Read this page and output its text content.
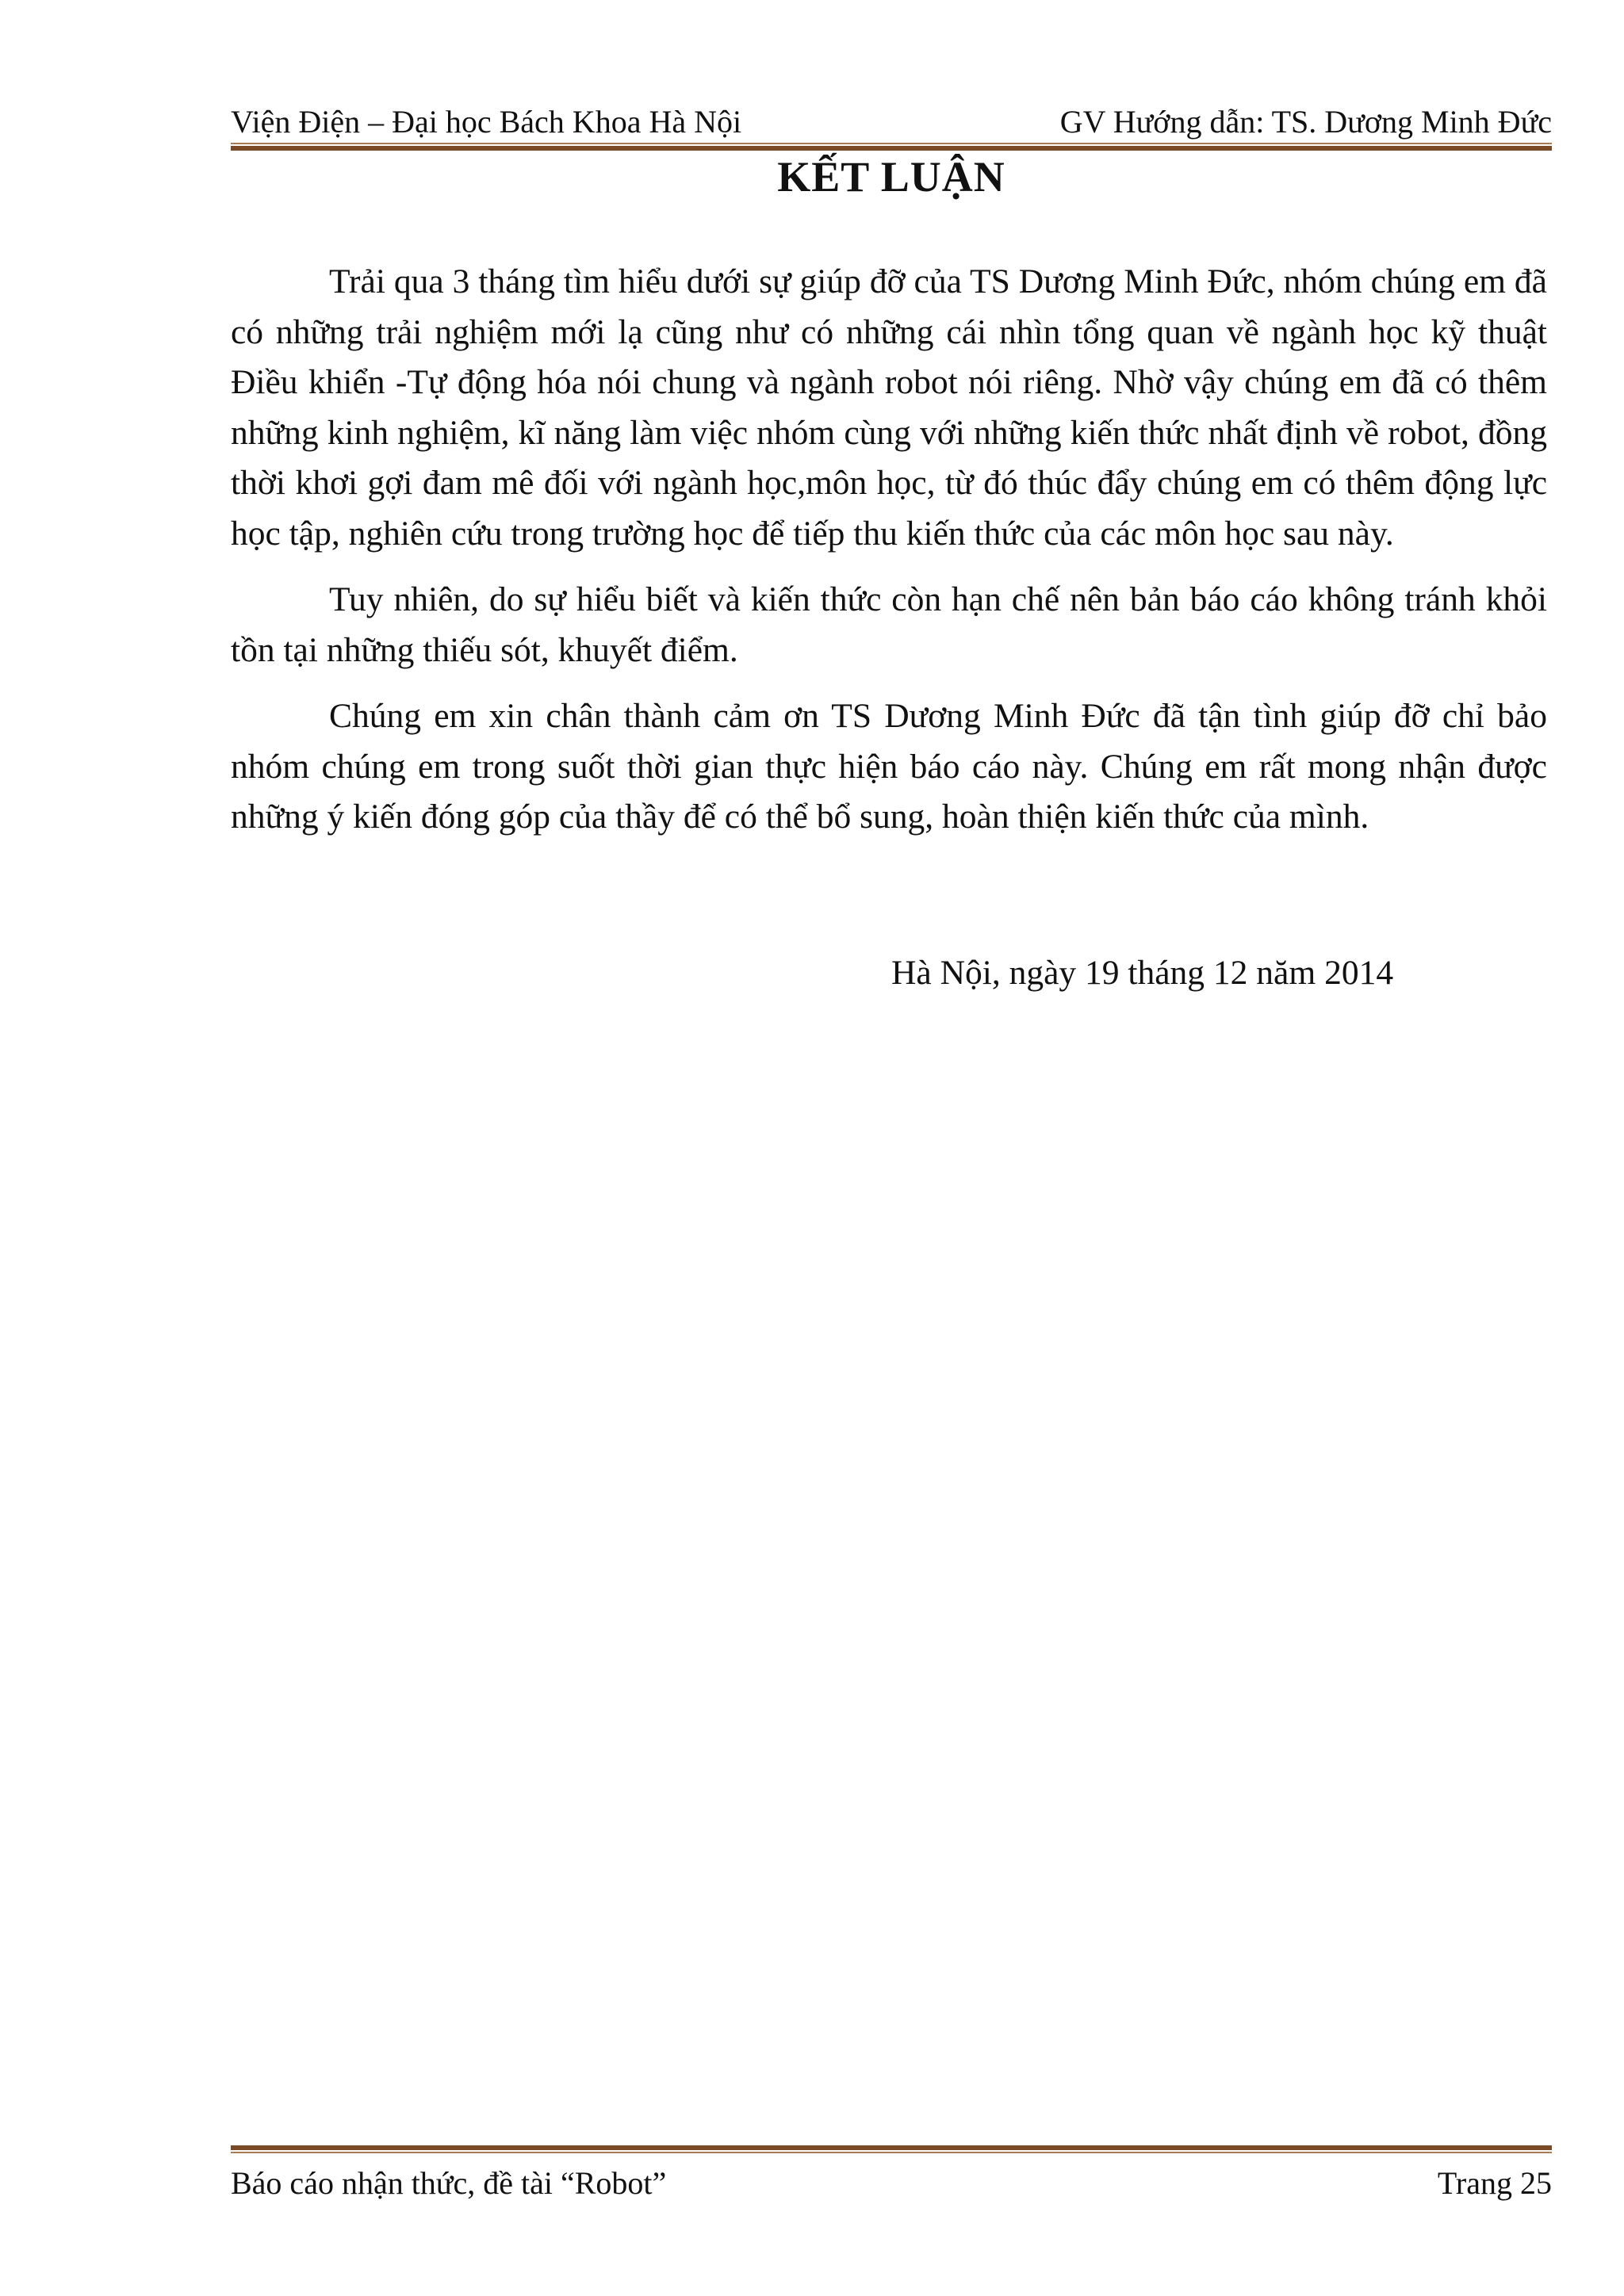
Viện Điện – Đại học Bách Khoa Hà Nội	GV Hướng dẫn: TS. Dương Minh Đức
KẾT LUẬN

Trải qua 3 tháng tìm hiểu dưới sự giúp đỡ của TS Dương Minh Đức, nhóm chúng em đã có những trải nghiệm mới lạ cũng như có những cái nhìn tổng quan về ngành học kỹ thuật Điều khiển -Tự động hóa nói chung và ngành robot nói riêng. Nhờ vậy chúng em đã có thêm những kinh nghiệm, kĩ năng làm việc nhóm cùng với những kiến thức nhất định về robot, đồng thời khơi gợi đam mê đối với ngành học,môn học, từ đó thúc đẩy chúng em có thêm động lực học tập, nghiên cứu trong trường học để tiếp thu kiến thức của các môn học sau này.

Tuy nhiên, do sự hiểu biết và kiến thức còn hạn chế nên bản báo cáo không tránh khỏi tồn tại những thiếu sót, khuyết điểm.

Chúng em xin chân thành cảm ơn TS Dương Minh Đức đã tận tình giúp đỡ chỉ bảo nhóm chúng em trong suốt thời gian thực hiện báo cáo này. Chúng em rất mong nhận được những ý kiến đóng góp của thầy để có thể bổ sung, hoàn thiện kiến thức của mình.

Hà Nội, ngày 19 tháng 12 năm 2014
Báo cáo nhận thức, đề tài “Robot”	Trang 25
